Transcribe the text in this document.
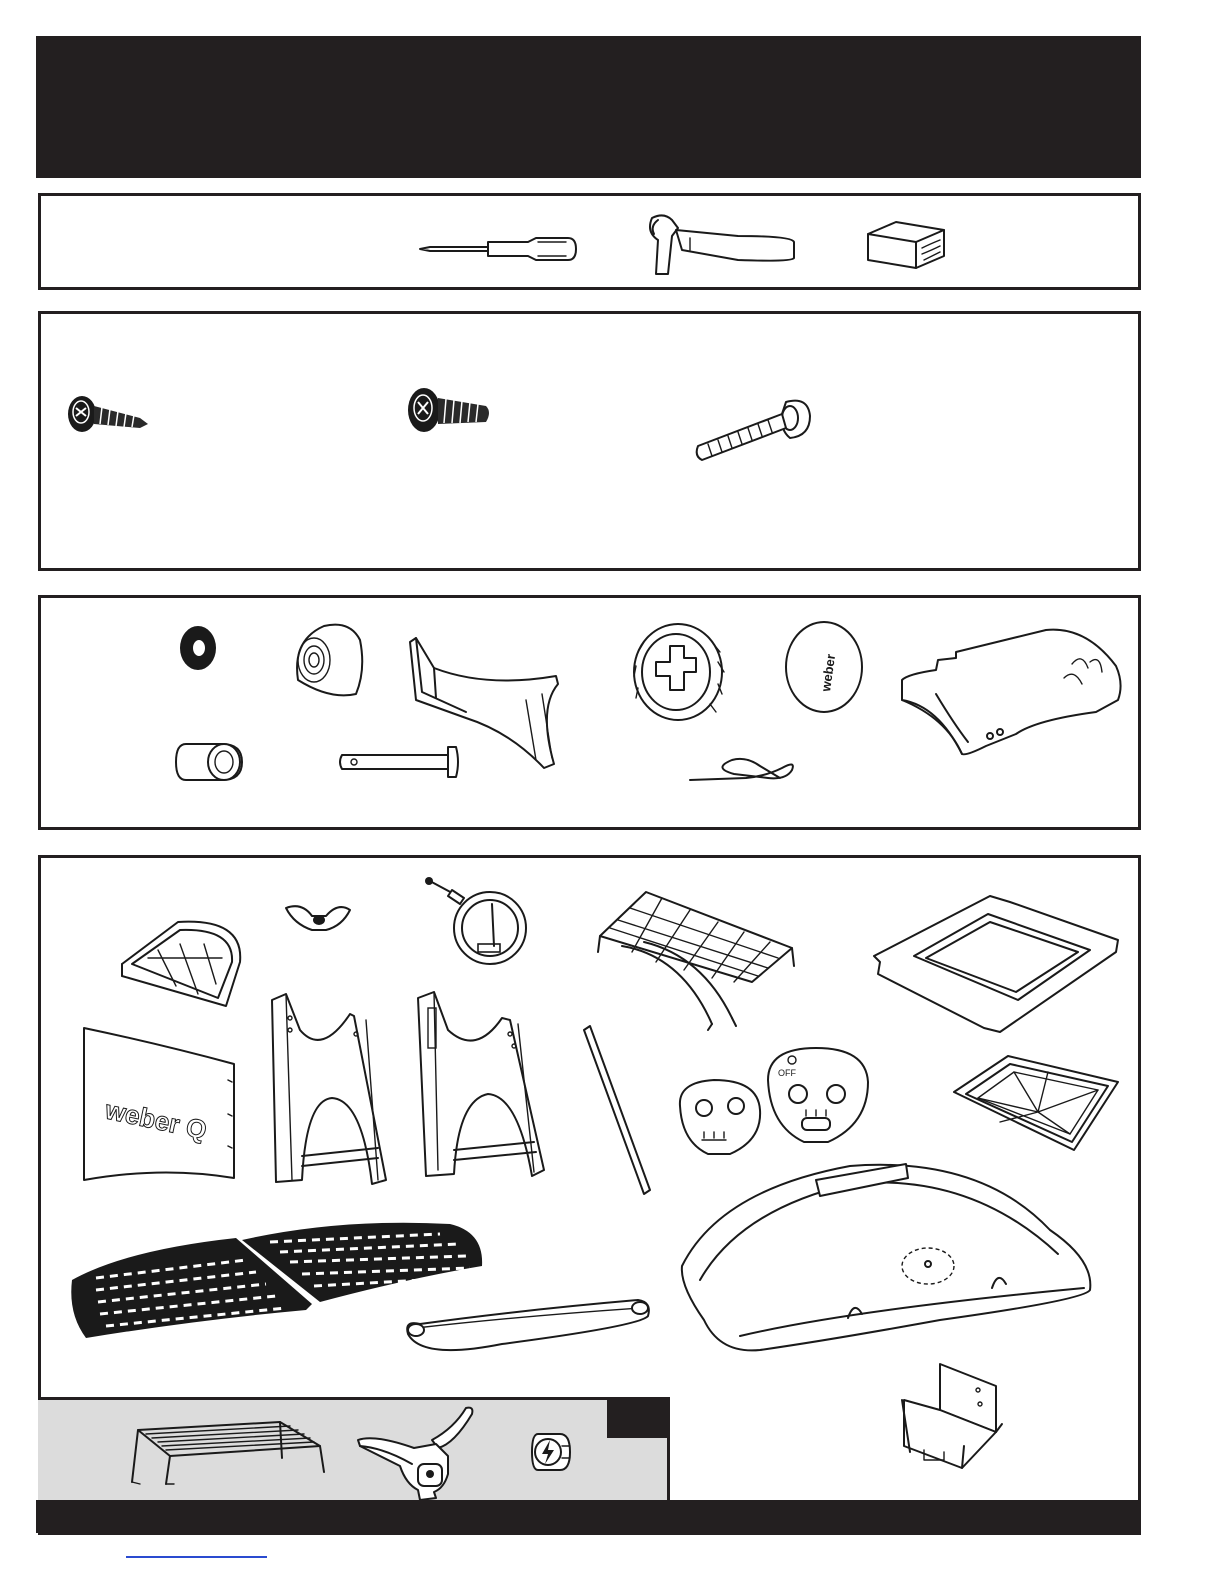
weber
weber Q
OFF
